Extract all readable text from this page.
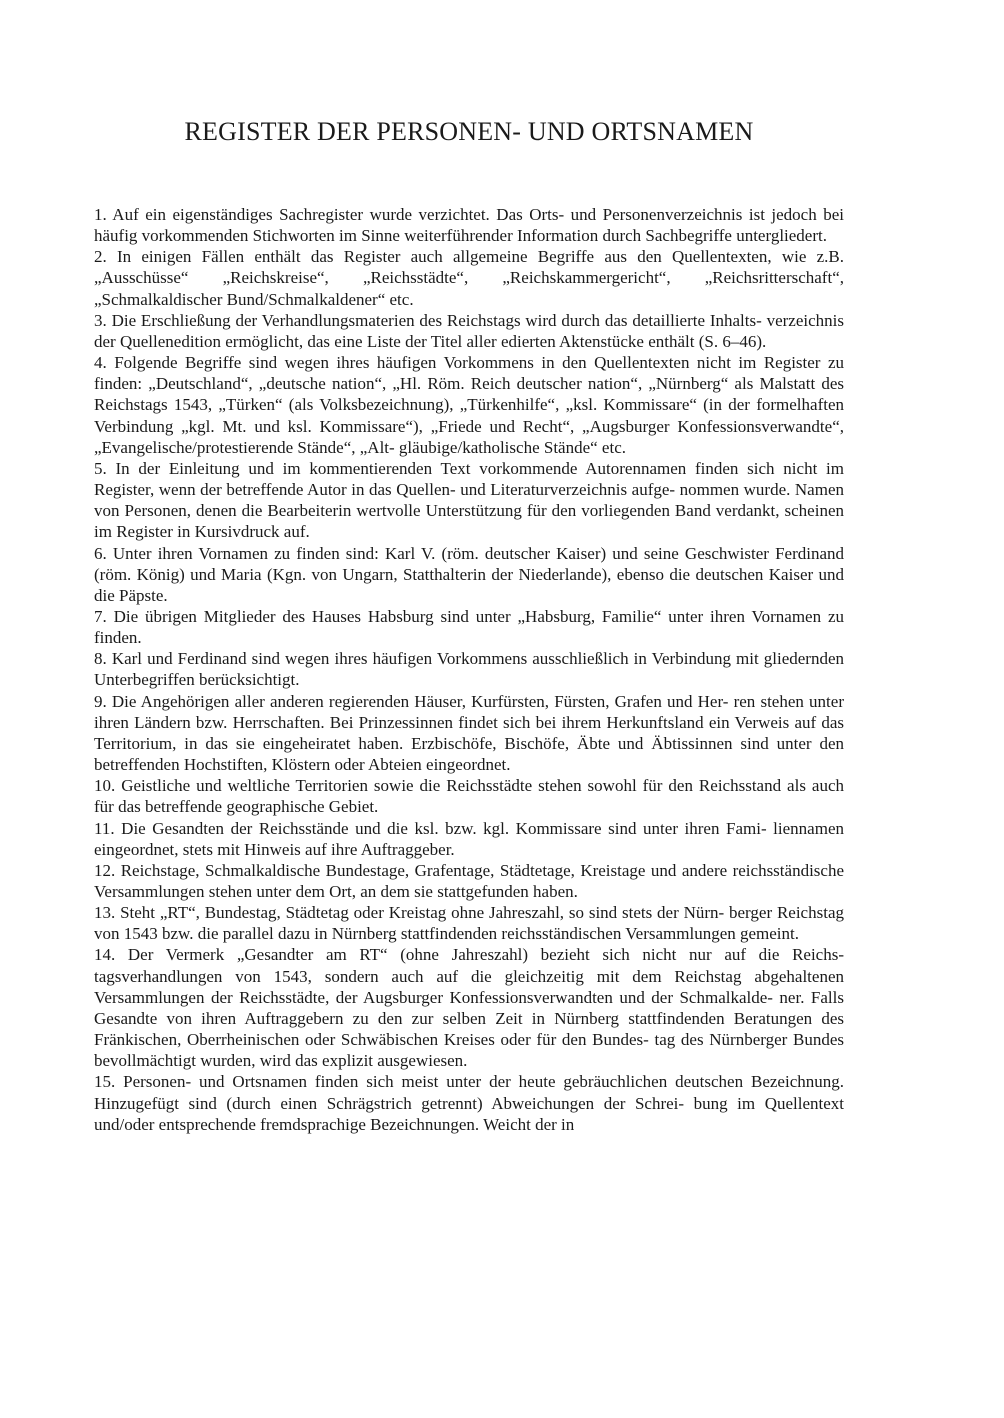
REGISTER DER PERSONEN- UND ORTSNAMEN

1. Auf ein eigenständiges Sachregister wurde verzichtet. Das Orts- und Personenverzeichnis ist jedoch bei häufig vorkommenden Stichworten im Sinne weiterführender Information durch Sachbegriffe untergliedert.

2. In einigen Fällen enthält das Register auch allgemeine Begriffe aus den Quellentexten, wie z.B. „Ausschüsse“ „Reichskreise“, „Reichsstädte“, „Reichskammergericht“, „Reichsritterschaft“, „Schmalkaldischer Bund/Schmalkaldener“ etc.

3. Die Erschließung der Verhandlungsmaterien des Reichstags wird durch das detaillierte Inhalts- verzeichnis der Quellenedition ermöglicht, das eine Liste der Titel aller edierten Aktenstücke enthält (S. 6–46).

4. Folgende Begriffe sind wegen ihres häufigen Vorkommens in den Quellentexten nicht im Register zu finden: „Deutschland“, „deutsche nation“, „Hl. Röm. Reich deutscher nation“, „Nürnberg“ als Malstatt des Reichstags 1543, „Türken“ (als Volksbezeichnung), „Türkenhilfe“, „ksl. Kommissare“ (in der formelhaften Verbindung „kgl. Mt. und ksl. Kommissare“), „Friede und Recht“, „Augsburger Konfessionsverwandte“, „Evangelische/protestierende Stände“, „Alt- gläubige/katholische Stände“ etc.

5. In der Einleitung und im kommentierenden Text vorkommende Autorennamen finden sich nicht im Register, wenn der betreffende Autor in das Quellen- und Literaturverzeichnis aufge- nommen wurde. Namen von Personen, denen die Bearbeiterin wertvolle Unterstützung für den vorliegenden Band verdankt, scheinen im Register in Kursivdruck auf.

6. Unter ihren Vornamen zu finden sind: Karl V. (röm. deutscher Kaiser) und seine Geschwister Ferdinand (röm. König) und Maria (Kgn. von Ungarn, Statthalterin der Niederlande), ebenso die deutschen Kaiser und die Päpste.

7. Die übrigen Mitglieder des Hauses Habsburg sind unter „Habsburg, Familie“ unter ihren Vornamen zu finden.

8. Karl und Ferdinand sind wegen ihres häufigen Vorkommens ausschließlich in Verbindung mit gliedernden Unterbegriffen berücksichtigt.

9. Die Angehörigen aller anderen regierenden Häuser, Kurfürsten, Fürsten, Grafen und Her- ren stehen unter ihren Ländern bzw. Herrschaften. Bei Prinzessinnen findet sich bei ihrem Herkunftsland ein Verweis auf das Territorium, in das sie eingeheiratet haben. Erzbischöfe, Bischöfe, Äbte und Äbtissinnen sind unter den betreffenden Hochstiften, Klöstern oder Abteien eingeordnet.

10. Geistliche und weltliche Territorien sowie die Reichsstädte stehen sowohl für den Reichsstand als auch für das betreffende geographische Gebiet.

11. Die Gesandten der Reichsstände und die ksl. bzw. kgl. Kommissare sind unter ihren Fami- liennamen eingeordnet, stets mit Hinweis auf ihre Auftraggeber.

12. Reichstage, Schmalkaldische Bundestage, Grafentage, Städtetage, Kreistage und andere reichsständische Versammlungen stehen unter dem Ort, an dem sie stattgefunden haben.

13. Steht „RT“, Bundestag, Städtetag oder Kreistag ohne Jahreszahl, so sind stets der Nürn- berger Reichstag von 1543 bzw. die parallel dazu in Nürnberg stattfindenden reichsständischen Versammlungen gemeint.

14. Der Vermerk „Gesandter am RT“ (ohne Jahreszahl) bezieht sich nicht nur auf die Reichs- tagsverhandlungen von 1543, sondern auch auf die gleichzeitig mit dem Reichstag abgehaltenen Versammlungen der Reichsstädte, der Augsburger Konfessionsverwandten und der Schmalkalde- ner. Falls Gesandte von ihren Auftraggebern zu den zur selben Zeit in Nürnberg stattfindenden Beratungen des Fränkischen, Oberrheinischen oder Schwäbischen Kreises oder für den Bundes- tag des Nürnberger Bundes bevollmächtigt wurden, wird das explizit ausgewiesen.

15. Personen- und Ortsnamen finden sich meist unter der heute gebräuchlichen deutschen Bezeichnung. Hinzugefügt sind (durch einen Schrägstrich getrennt) Abweichungen der Schrei- bung im Quellentext und/oder entsprechende fremdsprachige Bezeichnungen. Weicht der in
